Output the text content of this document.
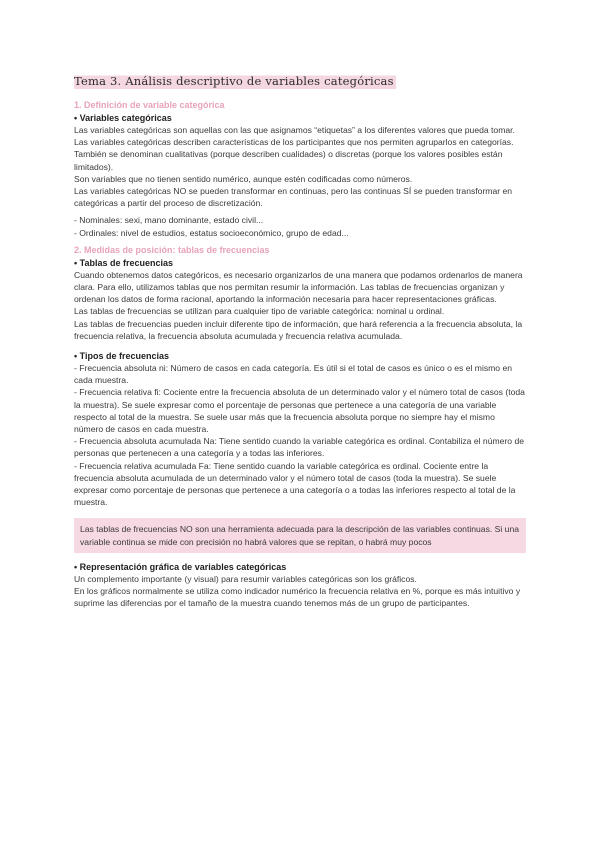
Tema 3. Análisis descriptivo de variables categóricas
1. Definición de variable categórica
• Variables categóricas

Las variables categóricas son aquellas con las que asignamos “etiquetas” a los diferentes valores que pueda tomar.

Las variables categóricas describen características de los participantes que nos permiten agruparlos en categorías.

También se denominan cualitativas (porque describen cualidades) o discretas (porque los valores posibles están limitados).

Son variables que no tienen sentido numérico, aunque estén codificadas como números.

Las variables categóricas NO se pueden transformar en continuas, pero las continuas SÍ se pueden transformar en categóricas a partir del proceso de discretización.

- Nominales: sexi, mano dominante, estado civil...

- Ordinales: nivel de estudios, estatus socioeconómico, grupo de edad...

2. Medidas de posición: tablas de frecuencias
• Tablas de frecuencias

Cuando obtenemos datos categóricos, es necesario organizarlos de una manera que podamos ordenarlos de manera clara. Para ello, utilizamos tablas que nos permitan resumir la información. Las tablas de frecuencias organizan y ordenan los datos de forma racional, aportando la información necesaria para hacer representaciones gráficas.

Las tablas de frecuencias se utilizan para cualquier tipo de variable categórica: nominal u ordinal.

Las tablas de frecuencias pueden incluir diferente tipo de información, que hará referencia a la frecuencia absoluta, la frecuencia relativa, la frecuencia absoluta acumulada y frecuencia relativa acumulada.

• Tipos de frecuencias

- Frecuencia absoluta ni: Número de casos en cada categoría. Es útil si el total de casos es único o es el mismo en cada muestra.

- Frecuencia relativa fi: Cociente entre la frecuencia absoluta de un determinado valor y el número total de casos (toda la muestra). Se suele expresar como el porcentaje de personas que pertenece a una categoría de una variable respecto al total de la muestra. Se suele usar más que la frecuencia absoluta porque no siempre hay el mismo número de casos en cada muestra.

- Frecuencia absoluta acumulada Na: Tiene sentido cuando la variable categórica es ordinal. Contabiliza el número de personas que pertenecen a una categoría y a todas las inferiores.

- Frecuencia relativa acumulada Fa: Tiene sentido cuando la variable categórica es ordinal. Cociente entre la frecuencia absoluta acumulada de un determinado valor y el número total de casos (toda la muestra). Se suele expresar como porcentaje de personas que pertenece a una categoría o a todas las inferiores respecto al total de la muestra.

Las tablas de frecuencias NO son una herramienta adecuada para la descripción de las variables continuas. Si una variable continua se mide con precisión no habrá valores que se repitan, o habrá muy pocos

• Representación gráfica de variables categóricas

Un complemento importante (y visual) para resumir variables categóricas son los gráficos.

En los gráficos normalmente se utiliza como indicador numérico la frecuencia relativa en %, porque es más intuitivo y suprime las diferencias por el tamaño de la muestra cuando tenemos más de un grupo de participantes.
